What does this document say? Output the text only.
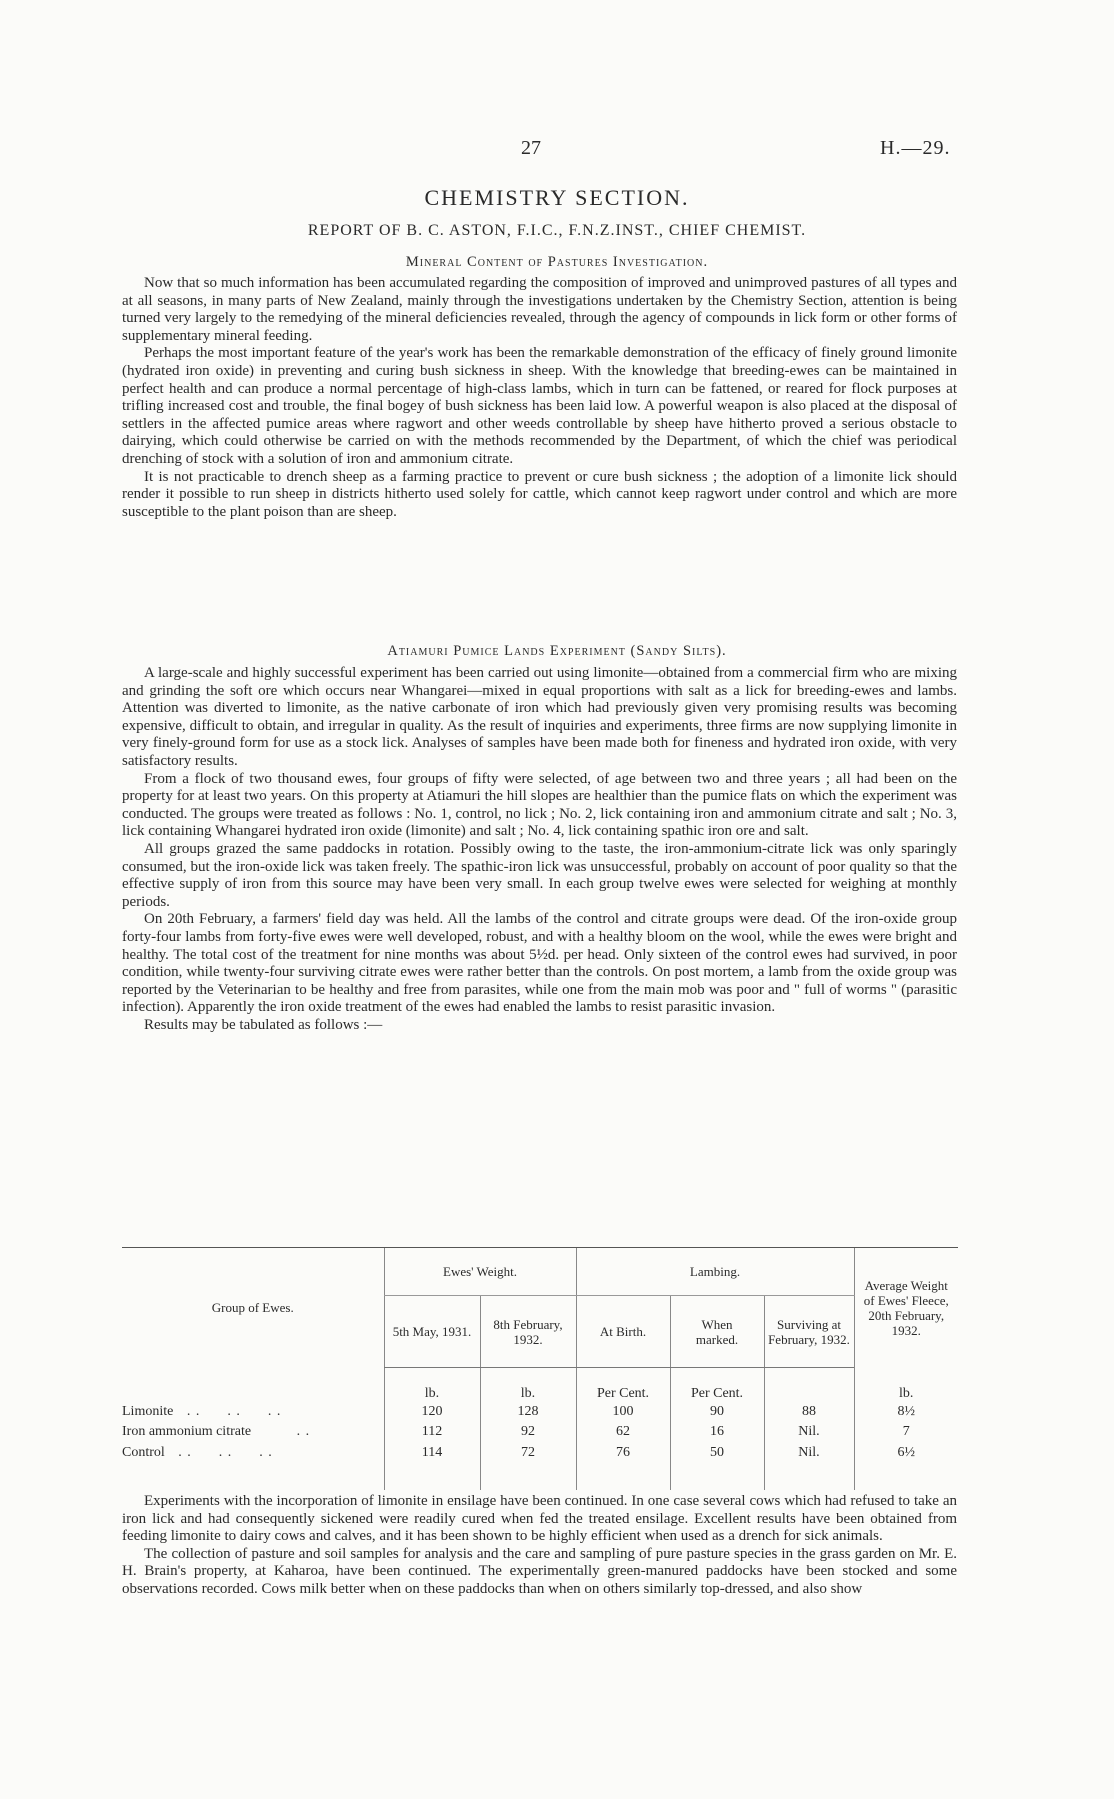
27	H.—29.
CHEMISTRY SECTION.
REPORT OF B. C. ASTON, F.I.C., F.N.Z.INST., CHIEF CHEMIST.
Mineral Content of Pastures Investigation.

Now that so much information has been accumulated regarding the composition of improved and unimproved pastures of all types and at all seasons, in many parts of New Zealand, mainly through the investigations undertaken by the Chemistry Section, attention is being turned very largely to the remedying of the mineral deficiencies revealed, through the agency of compounds in lick form or other forms of supplementary mineral feeding.

Perhaps the most important feature of the year's work has been the remarkable demonstration of the efficacy of finely ground limonite (hydrated iron oxide) in preventing and curing bush sickness in sheep. With the knowledge that breeding-ewes can be maintained in perfect health and can produce a normal percentage of high-class lambs, which in turn can be fattened, or reared for flock purposes at trifling increased cost and trouble, the final bogey of bush sickness has been laid low. A powerful weapon is also placed at the disposal of settlers in the affected pumice areas where ragwort and other weeds controllable by sheep have hitherto proved a serious obstacle to dairying, which could otherwise be carried on with the methods recommended by the Department, of which the chief was periodical drenching of stock with a solution of iron and ammonium citrate.

It is not practicable to drench sheep as a farming practice to prevent or cure bush sickness ; the adoption of a limonite lick should render it possible to run sheep in districts hitherto used solely for cattle, which cannot keep ragwort under control and which are more susceptible to the plant poison than are sheep.

Atiamuri Pumice Lands Experiment (Sandy Silts).

A large-scale and highly successful experiment has been carried out using limonite—obtained from a commercial firm who are mixing and grinding the soft ore which occurs near Whangarei—mixed in equal proportions with salt as a lick for breeding-ewes and lambs. Attention was diverted to limonite, as the native carbonate of iron which had previously given very promising results was becoming expensive, difficult to obtain, and irregular in quality. As the result of inquiries and experiments, three firms are now supplying limonite in very finely-ground form for use as a stock lick. Analyses of samples have been made both for fineness and hydrated iron oxide, with very satisfactory results.

From a flock of two thousand ewes, four groups of fifty were selected, of age between two and three years ; all had been on the property for at least two years. On this property at Atiamuri the hill slopes are healthier than the pumice flats on which the experiment was conducted. The groups were treated as follows : No. 1, control, no lick ; No. 2, lick containing iron and ammonium citrate and salt ; No. 3, lick containing Whangarei hydrated iron oxide (limonite) and salt ; No. 4, lick containing spathic iron ore and salt.

All groups grazed the same paddocks in rotation. Possibly owing to the taste, the iron-ammonium-citrate lick was only sparingly consumed, but the iron-oxide lick was taken freely. The spathic-iron lick was unsuccessful, probably on account of poor quality so that the effective supply of iron from this source may have been very small. In each group twelve ewes were selected for weighing at monthly periods.

On 20th February, a farmers' field day was held. All the lambs of the control and citrate groups were dead. Of the iron-oxide group forty-four lambs from forty-five ewes were well developed, robust, and with a healthy bloom on the wool, while the ewes were bright and healthy. The total cost of the treatment for nine months was about 5½d. per head. Only sixteen of the control ewes had survived, in poor condition, while twenty-four surviving citrate ewes were rather better than the controls. On post mortem, a lamb from the oxide group was reported by the Veterinarian to be healthy and free from parasites, while one from the main mob was poor and " full of worms " (parasitic infection). Apparently the iron oxide treatment of the ewes had enabled the lambs to resist parasitic invasion.

Results may be tabulated as follows :—

Group of Ewes.	Ewes' Weight.		Lambing.			Average Weight of Ewes' Fleece, 20th February, 1932.
	5th May, 1931.	8th February, 1932.	At Birth.	When marked.	Surviving at February, 1932.	
	lb.	lb.	Per Cent.	Per Cent.		lb.
Limonite . .      . .      . .	120	128	100	90	88	8½
Iron ammonium citrate . .	112	92	62	16	Nil.	7
Control . .      . .      . .	114	72	76	50	Nil.	6½

Experiments with the incorporation of limonite in ensilage have been continued. In one case several cows which had refused to take an iron lick and had consequently sickened were readily cured when fed the treated ensilage. Excellent results have been obtained from feeding limonite to dairy cows and calves, and it has been shown to be highly efficient when used as a drench for sick animals.

The collection of pasture and soil samples for analysis and the care and sampling of pure pasture species in the grass garden on Mr. E. H. Brain's property, at Kaharoa, have been continued. The experimentally green-manured paddocks have been stocked and some observations recorded. Cows milk better when on these paddocks than when on others similarly top-dressed, and also show
